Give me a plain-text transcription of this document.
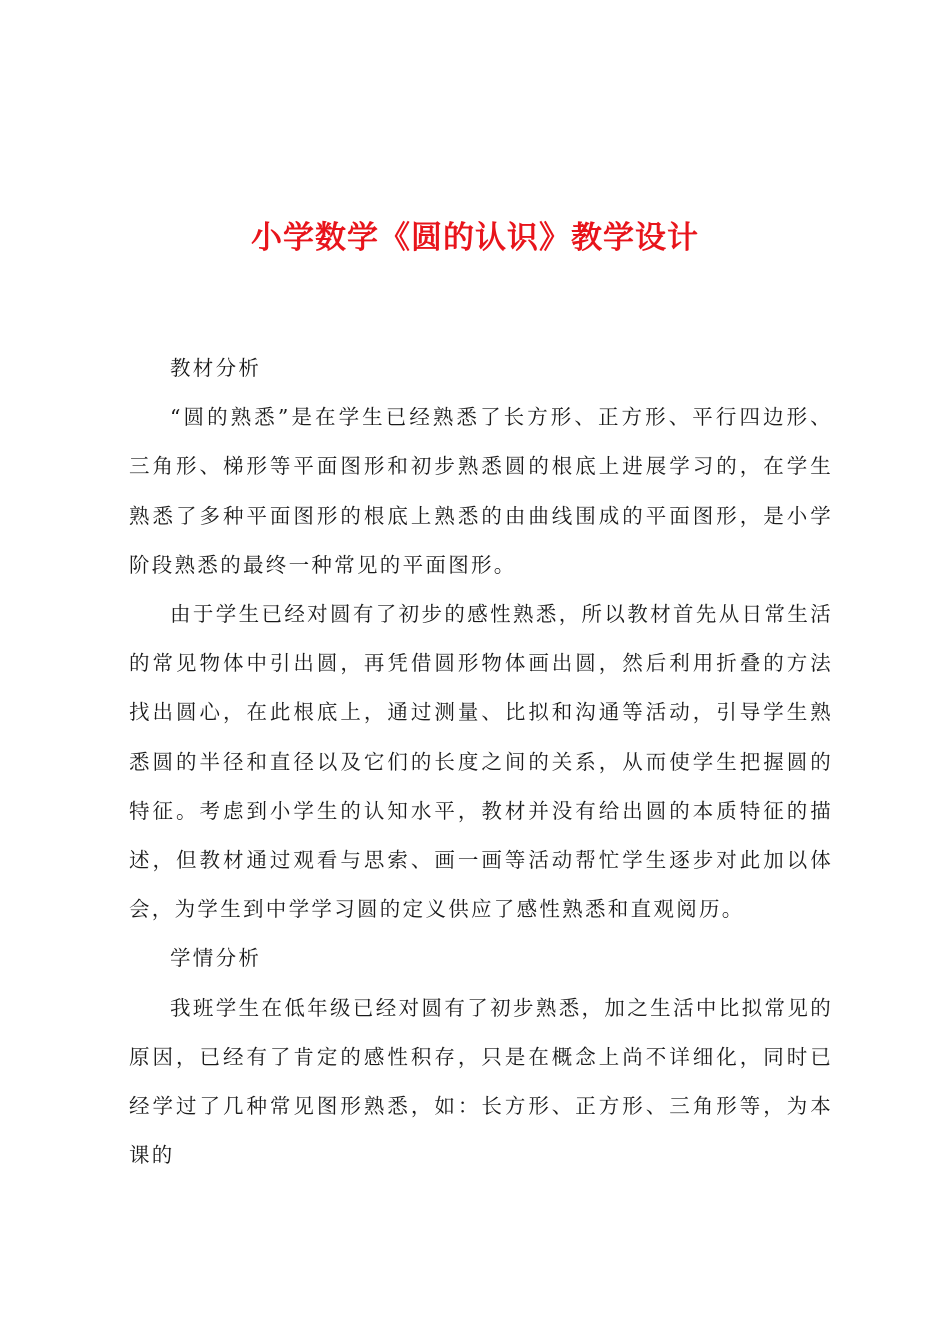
小学数学《圆的认识》教学设计

教材分析

“圆的熟悉”是在学生已经熟悉了长方形、正方形、平行四边形、三角形、梯形等平面图形和初步熟悉圆的根底上进展学习的，在学生熟悉了多种平面图形的根底上熟悉的由曲线围成的平面图形，是小学阶段熟悉的最终一种常见的平面图形。

由于学生已经对圆有了初步的感性熟悉，所以教材首先从日常生活的常见物体中引出圆，再凭借圆形物体画出圆，然后利用折叠的方法找出圆心，在此根底上，通过测量、比拟和沟通等活动，引导学生熟悉圆的半径和直径以及它们的长度之间的关系，从而使学生把握圆的特征。考虑到小学生的认知水平，教材并没有给出圆的本质特征的描述，但教材通过观看与思索、画一画等活动帮忙学生逐步对此加以体会，为学生到中学学习圆的定义供应了感性熟悉和直观阅历。

学情分析

我班学生在低年级已经对圆有了初步熟悉，加之生活中比拟常见的原因，已经有了肯定的感性积存，只是在概念上尚不详细化，同时已经学过了几种常见图形熟悉，如：长方形、正方形、三角形等，为本课的
